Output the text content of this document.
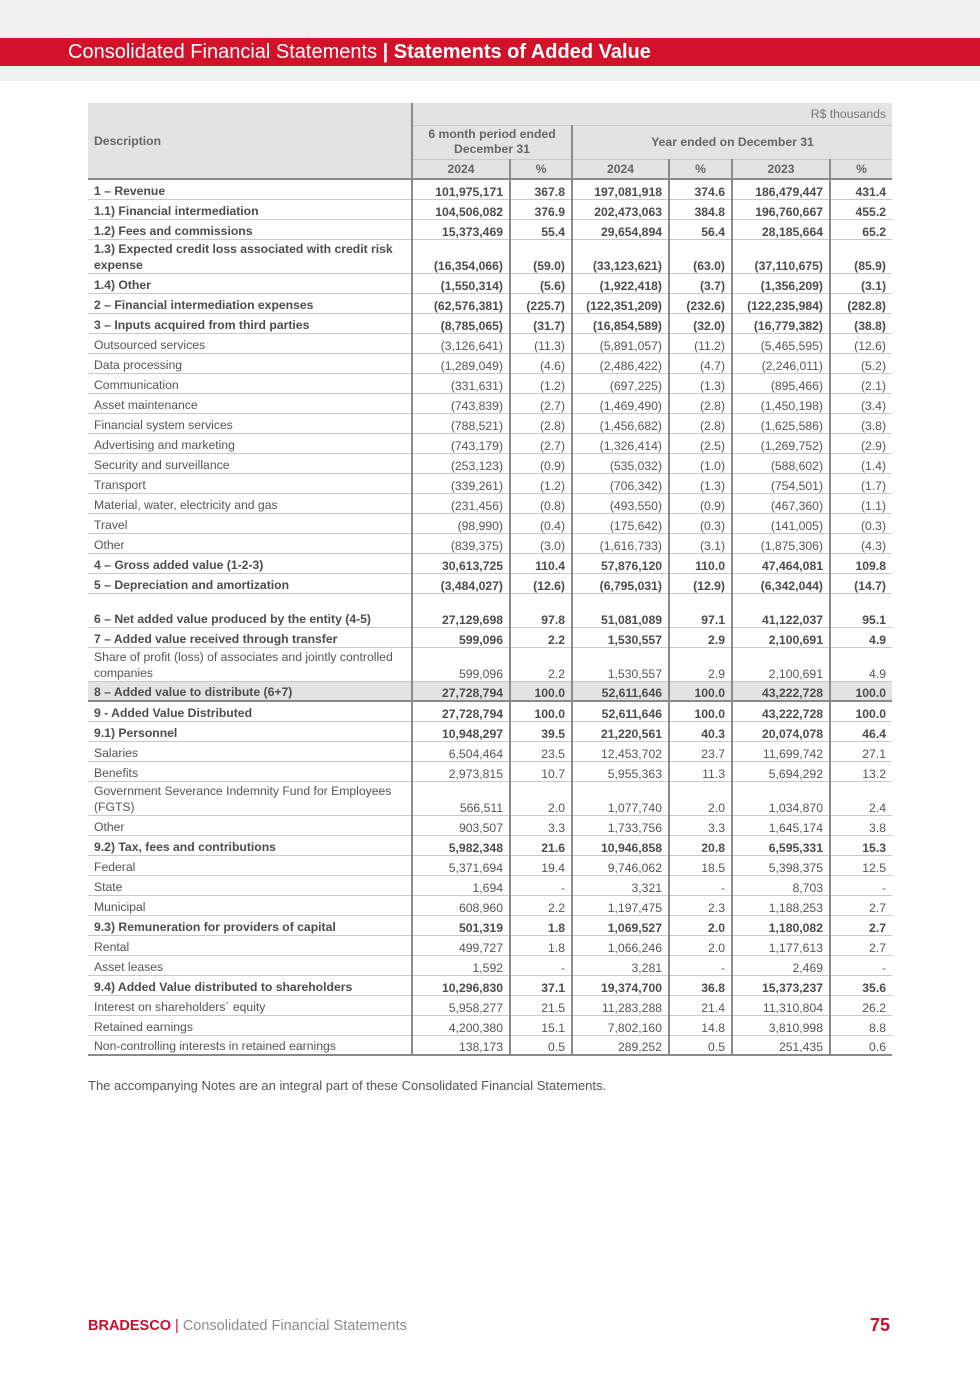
Consolidated Financial Statements | Statements of Added Value
Description	R$ thousands					
	6 month period ended December 31		Year ended on December 31			
	2024	%	2024	%	2023	%
1 – Revenue	101,975,171	367.8	197,081,918	374.6	186,479,447	431.4
1.1) Financial intermediation	104,506,082	376.9	202,473,063	384.8	196,760,667	455.2
1.2) Fees and commissions	15,373,469	55.4	29,654,894	56.4	28,185,664	65.2
1.3) Expected credit loss associated with credit risk expense	(16,354,066)	(59.0)	(33,123,621)	(63.0)	(37,110,675)	(85.9)
1.4) Other	(1,550,314)	(5.6)	(1,922,418)	(3.7)	(1,356,209)	(3.1)
2 – Financial intermediation expenses	(62,576,381)	(225.7)	(122,351,209)	(232.6)	(122,235,984)	(282.8)
3 – Inputs acquired from third parties	(8,785,065)	(31.7)	(16,854,589)	(32.0)	(16,779,382)	(38.8)
Outsourced services	(3,126,641)	(11.3)	(5,891,057)	(11.2)	(5,465,595)	(12.6)
Data processing	(1,289,049)	(4.6)	(2,486,422)	(4.7)	(2,246,011)	(5.2)
Communication	(331,631)	(1.2)	(697,225)	(1.3)	(895,466)	(2.1)
Asset maintenance	(743,839)	(2.7)	(1,469,490)	(2.8)	(1,450,198)	(3.4)
Financial system services	(788,521)	(2.8)	(1,456,682)	(2.8)	(1,625,586)	(3.8)
Advertising and marketing	(743,179)	(2.7)	(1,326,414)	(2.5)	(1,269,752)	(2.9)
Security and surveillance	(253,123)	(0.9)	(535,032)	(1.0)	(588,602)	(1.4)
Transport	(339,261)	(1.2)	(706,342)	(1.3)	(754,501)	(1.7)
Material, water, electricity and gas	(231,456)	(0.8)	(493,550)	(0.9)	(467,360)	(1.1)
Travel	(98,990)	(0.4)	(175,642)	(0.3)	(141,005)	(0.3)
Other	(839,375)	(3.0)	(1,616,733)	(3.1)	(1,875,306)	(4.3)
4 – Gross added value (1-2-3)	30,613,725	110.4	57,876,120	110.0	47,464,081	109.8
5 – Depreciation and amortization	(3,484,027)	(12.6)	(6,795,031)	(12.9)	(6,342,044)	(14.7)
6 – Net added value produced by the entity (4-5)	27,129,698	97.8	51,081,089	97.1	41,122,037	95.1
7 – Added value received through transfer	599,096	2.2	1,530,557	2.9	2,100,691	4.9
Share of profit (loss) of associates and jointly controlled companies	599,096	2.2	1,530,557	2.9	2,100,691	4.9
8 – Added value to distribute (6+7)	27,728,794	100.0	52,611,646	100.0	43,222,728	100.0
9 - Added Value Distributed	27,728,794	100.0	52,611,646	100.0	43,222,728	100.0
9.1) Personnel	10,948,297	39.5	21,220,561	40.3	20,074,078	46.4
Salaries	6,504,464	23.5	12,453,702	23.7	11,699,742	27.1
Benefits	2,973,815	10.7	5,955,363	11.3	5,694,292	13.2
Government Severance Indemnity Fund for Employees (FGTS)	566,511	2.0	1,077,740	2.0	1,034,870	2.4
Other	903,507	3.3	1,733,756	3.3	1,645,174	3.8
9.2) Tax, fees and contributions	5,982,348	21.6	10,946,858	20.8	6,595,331	15.3
Federal	5,371,694	19.4	9,746,062	18.5	5,398,375	12.5
State	1,694	-	3,321	-	8,703	-
Municipal	608,960	2.2	1,197,475	2.3	1,188,253	2.7
9.3) Remuneration for providers of capital	501,319	1.8	1,069,527	2.0	1,180,082	2.7
Rental	499,727	1.8	1,066,246	2.0	1,177,613	2.7
Asset leases	1,592	-	3,281	-	2,469	-
9.4) Added Value distributed to shareholders	10,296,830	37.1	19,374,700	36.8	15,373,237	35.6
Interest on shareholders´ equity	5,958,277	21.5	11,283,288	21.4	11,310,804	26.2
Retained earnings	4,200,380	15.1	7,802,160	14.8	3,810,998	8.8
Non-controlling interests in retained earnings	138,173	0.5	289,252	0.5	251,435	0.6
The accompanying Notes are an integral part of these Consolidated Financial Statements.
BRADESCO | Consolidated Financial Statements	75
